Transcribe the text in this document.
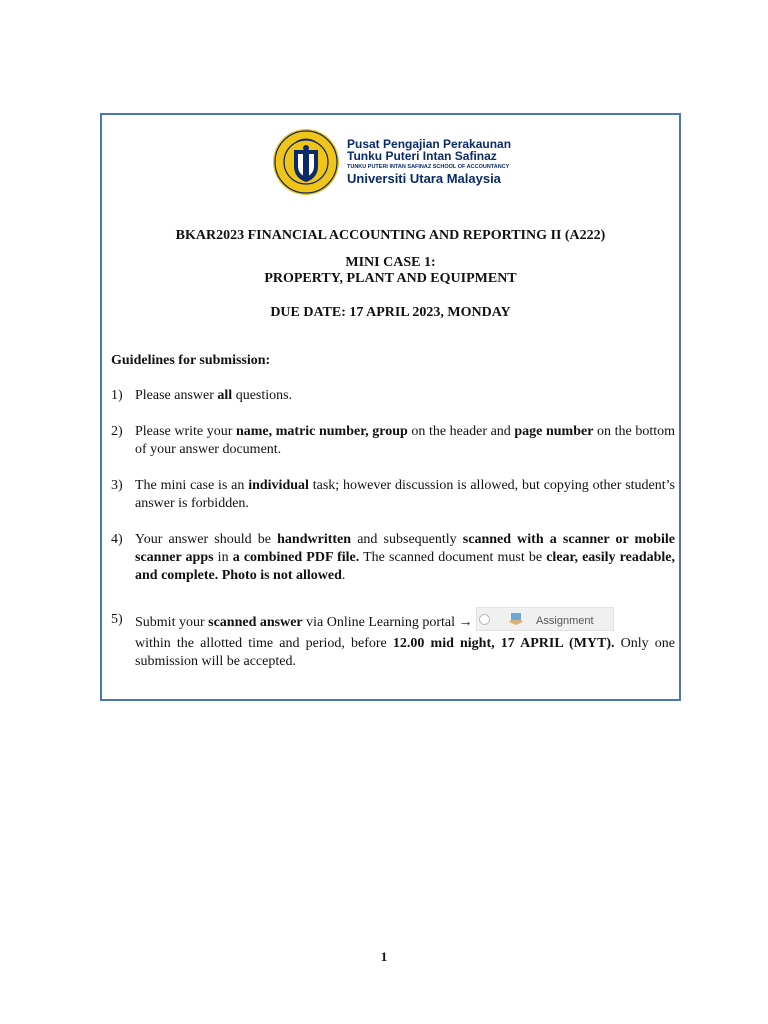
Pusat Pengajian Perakaunan
Tunku Puteri Intan Safinaz
TUNKU PUTERI INTAN SAFINAZ SCHOOL OF ACCOUNTANCY
Universiti Utara Malaysia
BKAR2023 FINANCIAL ACCOUNTING AND REPORTING II (A222)
MINI CASE 1:
PROPERTY, PLANT AND EQUIPMENT
DUE DATE: 17 APRIL 2023, MONDAY
Guidelines for submission:
1) Please answer all questions.
2) Please write your name, matric number, group on the header and page number on the bottom of your answer document.
3) The mini case is an individual task; however discussion is allowed, but copying other student’s answer is forbidden.
4) Your answer should be handwritten and subsequently scanned with a scanner or mobile scanner apps in a combined PDF file. The scanned document must be clear, easily readable, and complete. Photo is not allowed.
5) Submit your scanned answer via Online Learning portal →	Assignment

within the allotted time and period, before 12.00 mid night, 17 APRIL (MYT). Only one submission will be accepted.
1
